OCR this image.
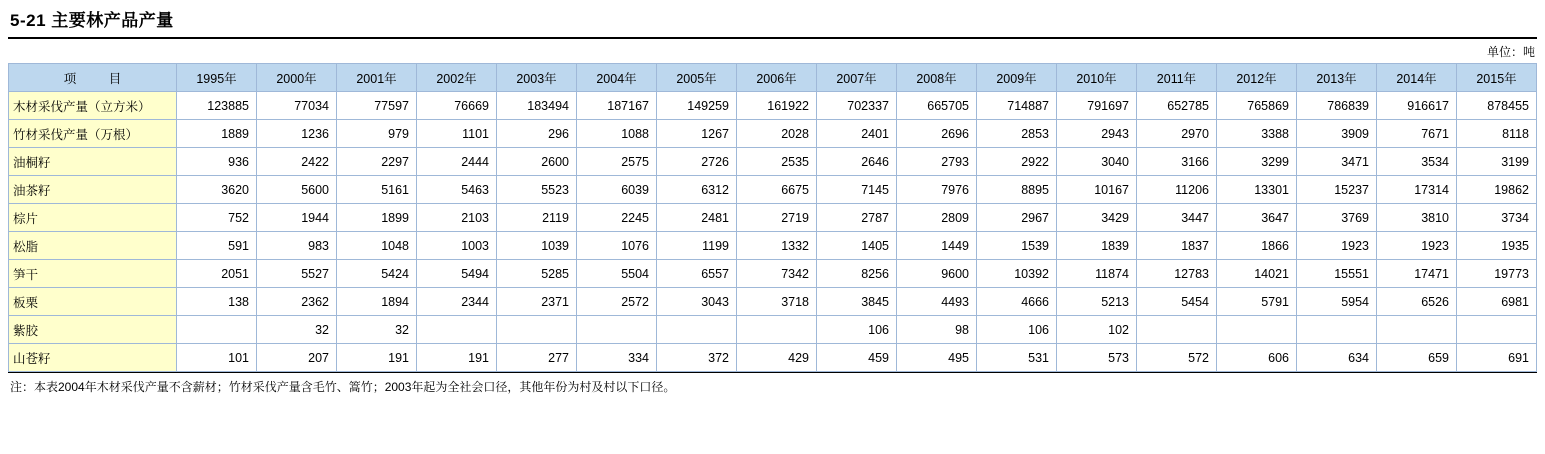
5-21 主要林产品产量
单位：吨
项　目	1995年	2000年	2001年	2002年	2003年	2004年	2005年	2006年	2007年	2008年	2009年	2010年	2011年	2012年	2013年	2014年	2015年
木材采伐产量（立方米）	123885	77034	77597	76669	183494	187167	149259	161922	702337	665705	714887	791697	652785	765869	786839	916617	878455
竹材采伐产量（万根）	1889	1236	979	1101	296	1088	1267	2028	2401	2696	2853	2943	2970	3388	3909	7671	8118
油桐籽	936	2422	2297	2444	2600	2575	2726	2535	2646	2793	2922	3040	3166	3299	3471	3534	3199
油茶籽	3620	5600	5161	5463	5523	6039	6312	6675	7145	7976	8895	10167	11206	13301	15237	17314	19862
棕片	752	1944	1899	2103	2119	2245	2481	2719	2787	2809	2967	3429	3447	3647	3769	3810	3734
松脂	591	983	1048	1003	1039	1076	1199	1332	1405	1449	1539	1839	1837	1866	1923	1923	1935
笋干	2051	5527	5424	5494	5285	5504	6557	7342	8256	9600	10392	11874	12783	14021	15551	17471	19773
板栗	138	2362	1894	2344	2371	2572	3043	3718	3845	4493	4666	5213	5454	5791	5954	6526	6981
紫胶		32	32						106	98	106	102					
山苍籽	101	207	191	191	277	334	372	429	459	495	531	573	572	606	634	659	691
注：本表2004年木材采伐产量不含薪材；竹材采伐产量含毛竹、篙竹；2003年起为全社会口径，其他年份为村及村以下口径。
